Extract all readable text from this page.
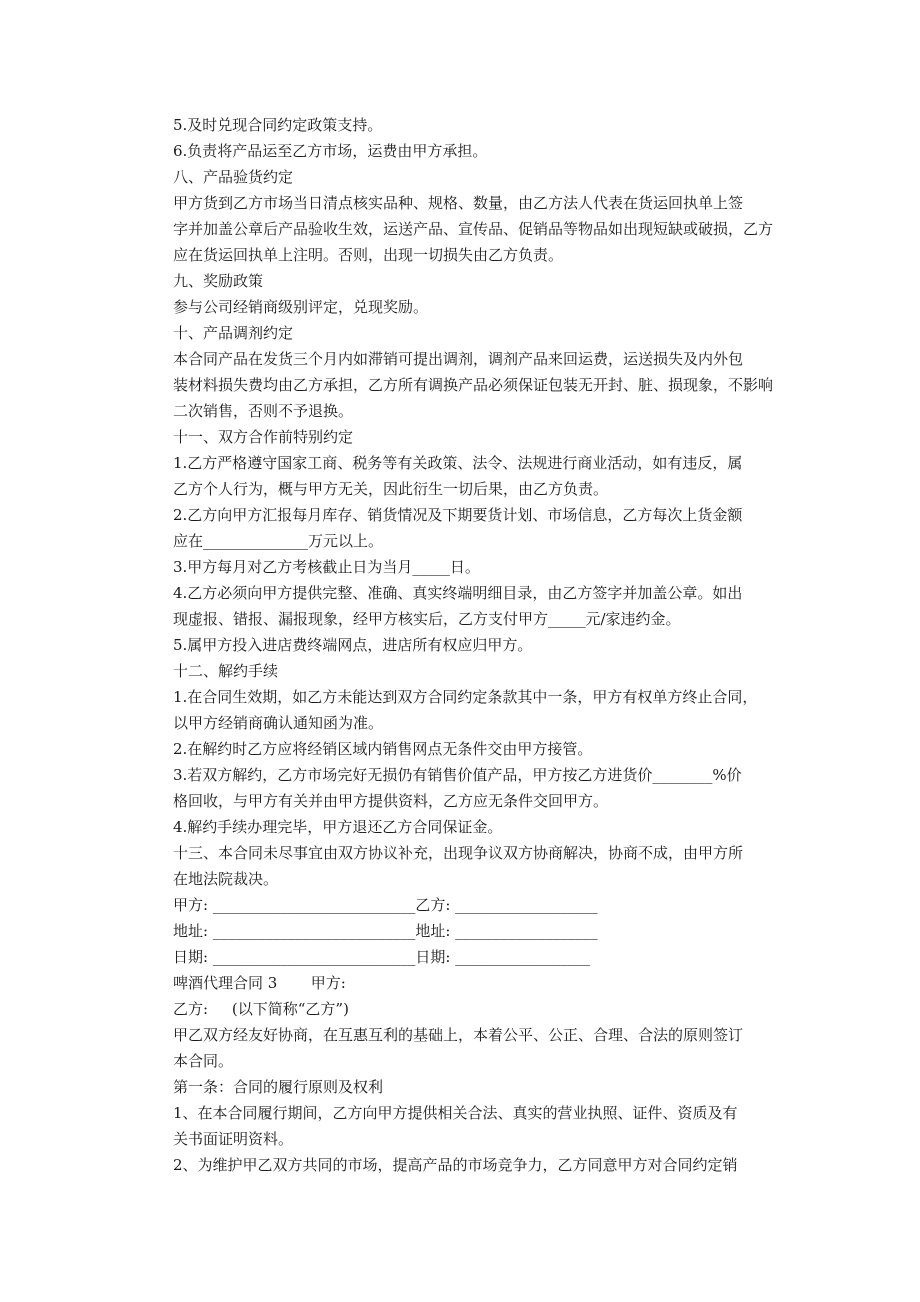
5.及时兑现合同约定政策支持。

6.负责将产品运至乙方市场，运费由甲方承担。

八、产品验货约定

甲方货到乙方市场当日清点核实品种、规格、数量，由乙方法人代表在货运回执单上签
字并加盖公章后产品验收生效，运送产品、宣传品、促销品等物品如出现短缺或破损，乙方
应在货运回执单上注明。否则，出现一切损失由乙方负责。

九、奖励政策

参与公司经销商级别评定，兑现奖励。

十、产品调剂约定

本合同产品在发货三个月内如滞销可提出调剂，调剂产品来回运费，运送损失及内外包
装材料损失费均由乙方承担，乙方所有调换产品必须保证包装无开封、脏、损现象，不影响
二次销售，否则不予退换。

十一、双方合作前特别约定

1.乙方严格遵守国家工商、税务等有关政策、法令、法规进行商业活动，如有违反，属
乙方个人行为，概与甲方无关，因此衍生一切后果，由乙方负责。

2.乙方向甲方汇报每月库存、销货情况及下期要货计划、市场信息，乙方每次上货金额
应在______________万元以上。

3.甲方每月对乙方考核截止日为当月_____日。

4.乙方必须向甲方提供完整、准确、真实终端明细目录，由乙方签字并加盖公章。如出
现虚报、错报、漏报现象，经甲方核实后，乙方支付甲方_____元/家违约金。

5.属甲方投入进店费终端网点，进店所有权应归甲方。

十二、解约手续

1.在合同生效期，如乙方未能达到双方合同约定条款其中一条，甲方有权单方终止合同，
以甲方经销商确认通知函为准。

2.在解约时乙方应将经销区域内销售网点无条件交由甲方接管。

3.若双方解约，乙方市场完好无损仍有销售价值产品，甲方按乙方进货价________%价
格回收，与甲方有关并由甲方提供资料，乙方应无条件交回甲方。

4.解约手续办理完毕，甲方退还乙方合同保证金。

十三、本合同未尽事宜由双方协议补充，出现争议双方协商解决，协商不成，由甲方所
在地法院裁决。

甲方: ___________________________乙方: ___________________

地址: ___________________________地址: ___________________

日期: ___________________________日期: __________________

啤酒代理合同 3       甲方:

乙方:     (以下简称“乙方”)

甲乙双方经友好协商，在互惠互利的基础上，本着公平、公正、合理、合法的原则签订
本合同。

第一条：合同的履行原则及权利

1、在本合同履行期间，乙方向甲方提供相关合法、真实的营业执照、证件、资质及有
关书面证明资料。

2、为维护甲乙双方共同的市场，提高产品的市场竞争力，乙方同意甲方对合同约定销
